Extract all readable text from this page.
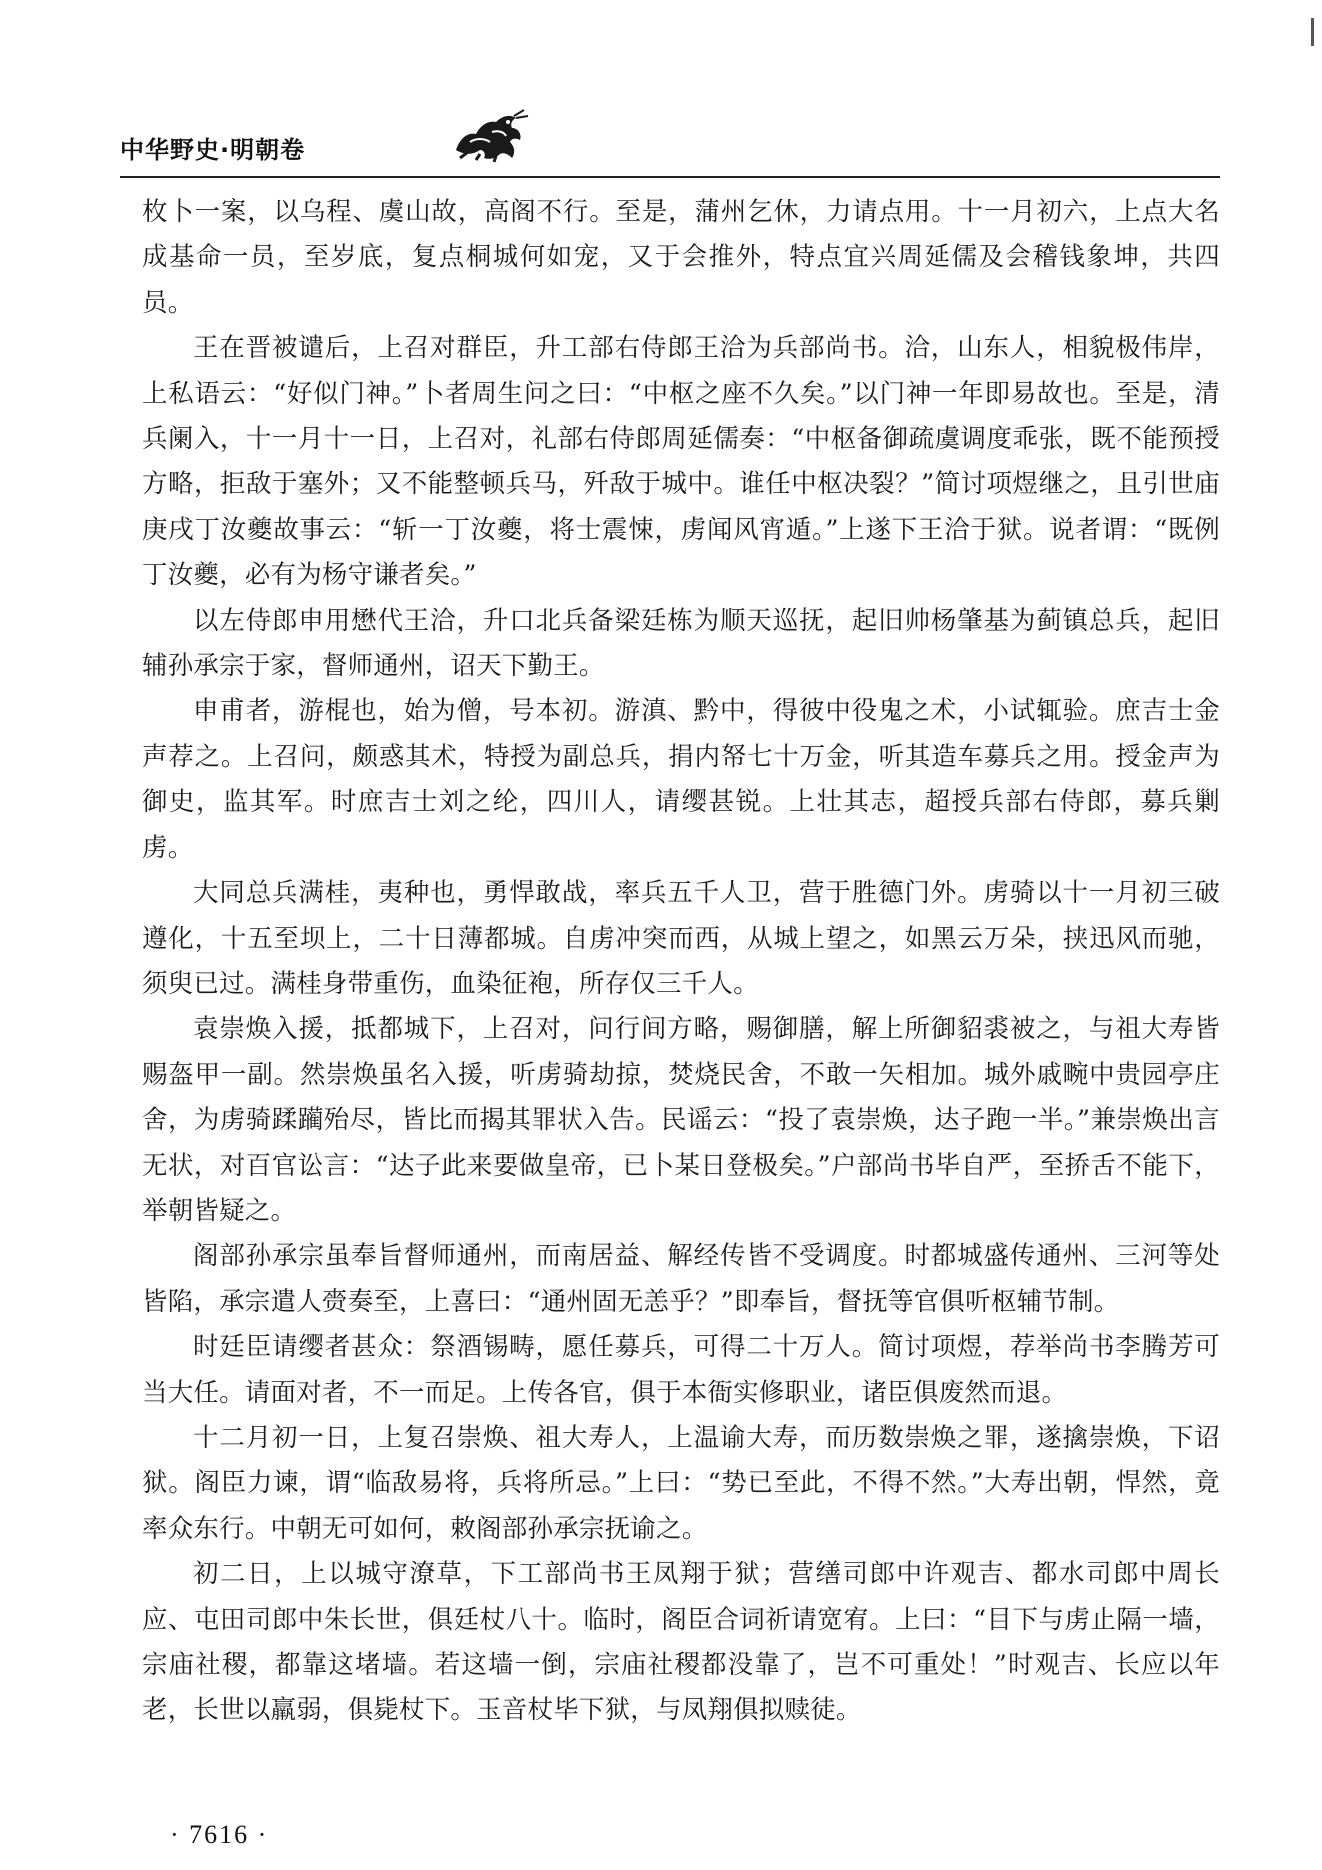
中华野史·明朝卷

枚卜一案，以乌程、虞山故，高阁不行。至是，蒲州乞休，力请点用。十一月初六，上点大名成基命一员，至岁底，复点桐城何如宠，又于会推外，特点宜兴周延儒及会稽钱象坤，共四员。

王在晋被谴后，上召对群臣，升工部右侍郎王洽为兵部尚书。洽，山东人，相貌极伟岸，上私语云：“好似门神。”卜者周生问之曰：“中枢之座不久矣。”以门神一年即易故也。至是，清兵阑入，十一月十一日，上召对，礼部右侍郎周延儒奏：“中枢备御疏虞调度乖张，既不能预授方略，拒敌于塞外；又不能整顿兵马，歼敌于城中。谁任中枢决裂？”简讨项煜继之，且引世庙庚戌丁汝夔故事云：“斩一丁汝夔，将士震悚，虏闻风宵遁。”上遂下王洽于狱。说者谓：“既例丁汝夔，必有为杨守谦者矣。”

以左侍郎申用懋代王洽，升口北兵备梁廷栋为顺天巡抚，起旧帅杨肇基为蓟镇总兵，起旧辅孙承宗于家，督师通州，诏天下勤王。

申甫者，游棍也，始为僧，号本初。游滇、黔中，得彼中役鬼之术，小试辄验。庶吉士金声荐之。上召问，颇惑其术，特授为副总兵，捐内帑七十万金，听其造车募兵之用。授金声为御史，监其军。时庶吉士刘之纶，四川人，请缨甚锐。上壮其志，超授兵部右侍郎，募兵剿虏。

大同总兵满桂，夷种也，勇悍敢战，率兵五千人卫，营于胜德门外。虏骑以十一月初三破遵化，十五至坝上，二十日薄都城。自虏冲突而西，从城上望之，如黑云万朵，挟迅风而驰，须臾已过。满桂身带重伤，血染征袍，所存仅三千人。

袁崇焕入援，抵都城下，上召对，问行间方略，赐御膳，解上所御貂裘被之，与祖大寿皆赐盔甲一副。然崇焕虽名入援，听虏骑劫掠，焚烧民舍，不敢一矢相加。城外戚畹中贵园亭庄舍，为虏骑蹂躏殆尽，皆比而揭其罪状入告。民谣云：“投了袁崇焕，达子跑一半。”兼崇焕出言无状，对百官讼言：“达子此来要做皇帝，已卜某日登极矣。”户部尚书毕自严，至挢舌不能下，举朝皆疑之。

阁部孙承宗虽奉旨督师通州，而南居益、解经传皆不受调度。时都城盛传通州、三河等处皆陷，承宗遣人赍奏至，上喜曰：“通州固无恙乎？”即奉旨，督抚等官俱听枢辅节制。

时廷臣请缨者甚众：祭酒锡畴，愿任募兵，可得二十万人。简讨项煜，荐举尚书李腾芳可当大任。请面对者，不一而足。上传各官，俱于本衙实修职业，诸臣俱废然而退。

十二月初一日，上复召崇焕、祖大寿人，上温谕大寿，而历数崇焕之罪，遂擒崇焕，下诏狱。阁臣力谏，谓“临敌易将，兵将所忌。”上曰：“势已至此，不得不然。”大寿出朝，悍然，竟率众东行。中朝无可如何，敕阁部孙承宗抚谕之。

初二日，上以城守潦草，下工部尚书王凤翔于狱；营缮司郎中许观吉、都水司郎中周长应、屯田司郎中朱长世，俱廷杖八十。临时，阁臣合词祈请宽宥。上曰：“目下与虏止隔一墙，宗庙社稷，都靠这堵墙。若这墙一倒，宗庙社稷都没靠了，岂不可重处！”时观吉、长应以年老，长世以羸弱，俱毙杖下。玉音杖毕下狱，与凤翔俱拟赎徒。

· 7616 ·
